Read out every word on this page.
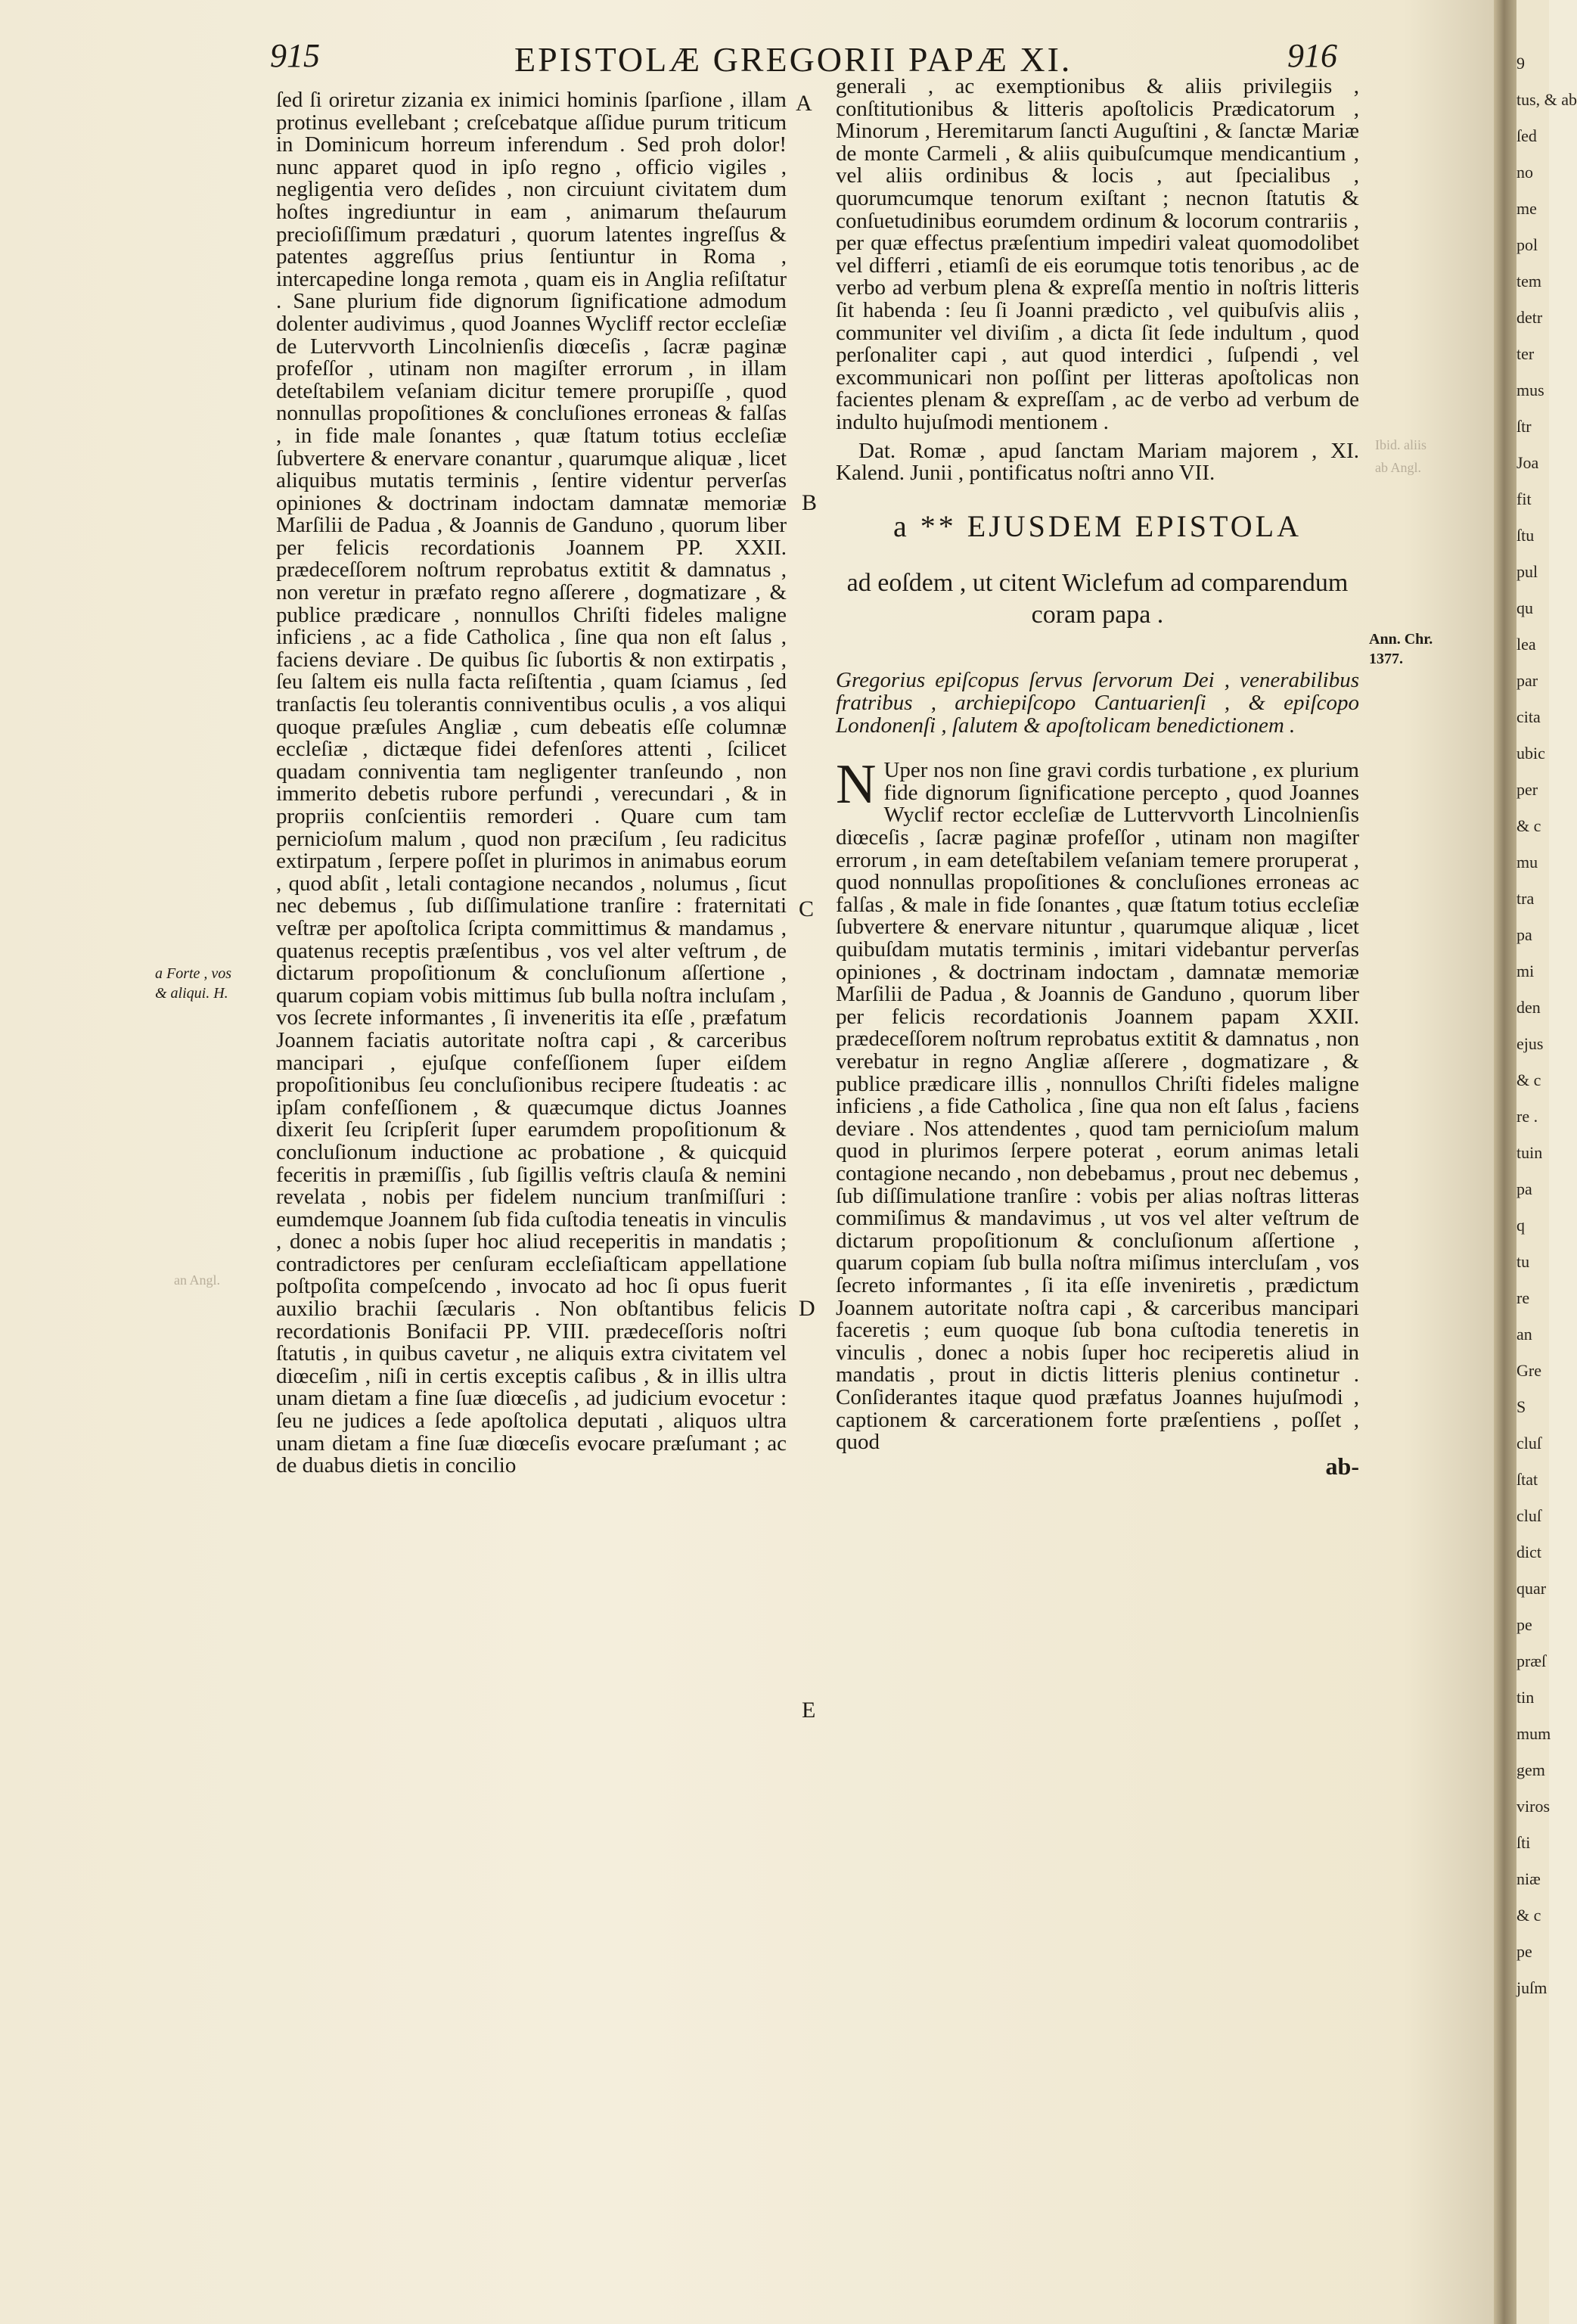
915	EPISTOLÆ GREGORII PAPÆ XI.	916

ſed ſi oriretur zizania ex inimici hominis ſparſione , illam protinus evellebant ; creſcebatque aſſidue purum triticum in Dominicum horreum inferendum . Sed proh dolor! nunc apparet quod in ipſo regno , officio vigiles , negligentia vero deſides , non circuiunt civitatem dum hoſtes ingrediuntur in eam , animarum theſaurum precioſiſſimum prædaturi , quorum latentes ingreſſus & patentes aggreſſus prius ſentiuntur in Roma , intercapedine longa remota , quam eis in Anglia reſiſtatur . Sane plurium fide dignorum ſignificatione admodum dolenter audivimus , quod Joannes Wycliff rector eccleſiæ de Lutervvorth Lincolnienſis diœceſis , ſacræ paginæ profeſſor , utinam non magiſter errorum , in illam deteſtabilem veſaniam dicitur temere prorupiſſe , quod nonnullas propoſitiones & concluſiones erroneas & falſas , in fide male ſonantes , quæ ſtatum totius eccleſiæ ſubvertere & enervare conantur , quarumque aliquæ , licet aliquibus mutatis terminis , ſentire videntur perverſas opiniones & doctrinam indoctam damnatæ memoriæ Marſilii de Padua , & Joannis de Ganduno , quorum liber per felicis recordationis Joannem PP. XXII. prædeceſſorem noſtrum reprobatus extitit & damnatus , non veretur in præfato regno aſſerere , dogmatizare , & publice prædicare , nonnullos Chriſti fideles maligne inficiens , ac a fide Catholica , ſine qua non eſt ſalus , faciens deviare . De quibus ſic ſubortis & non extirpatis , ſeu ſaltem eis nulla facta reſiſtentia , quam ſciamus , ſed tranſactis ſeu tolerantis conniventibus oculis , a vos aliqui quoque præſules Angliæ , cum debeatis eſſe columnæ eccleſiæ , dictæque fidei defenſores attenti , ſcilicet quadam conniventia tam negligenter tranſeundo , non immerito debetis rubore perfundi , verecundari , & in propriis conſcientiis remorderi . Quare cum tam pernicioſum malum , quod non præciſum , ſeu radicitus extirpatum , ſerpere poſſet in plurimos in animabus eorum , quod abſit , letali contagione necandos , nolumus , ſicut nec debemus , ſub diſſimulatione tranſire : fraternitati veſtræ per apoſtolica ſcripta committimus & mandamus , quatenus receptis præſentibus , vos vel alter veſtrum , de dictarum propoſitionum & concluſionum aſſertione , quarum copiam vobis mittimus ſub bulla noſtra incluſam , vos ſecrete informantes , ſi inveneritis ita eſſe , præfatum Joannem faciatis autoritate noſtra capi , & carceribus mancipari , ejuſque confeſſionem ſuper eiſdem propoſitionibus ſeu concluſionibus recipere ſtudeatis : ac ipſam confeſſionem , & quæcumque dictus Joannes dixerit ſeu ſcripſerit ſuper earumdem propoſitionum & concluſionum inductione ac probatione , & quicquid feceritis in præmiſſis , ſub ſigillis veſtris clauſa & nemini revelata , nobis per fidelem nuncium tranſmiſſuri : eumdemque Joannem ſub fida cuſtodia teneatis in vinculis , donec a nobis ſuper hoc aliud receperitis in mandatis ; contradictores per cenſuram eccleſiaſticam appellatione poſtpoſita compeſcendo , invocato ad hoc ſi opus fuerit auxilio brachii ſæcularis . Non obſtantibus felicis recordationis Bonifacii PP. VIII. prædeceſſoris noſtri ſtatutis , in quibus cavetur , ne aliquis extra civitatem vel diœceſim , niſi in certis exceptis caſibus , & in illis ultra unam dietam a fine ſuæ diœceſis , ad judicium evocetur : ſeu ne judices a ſede apoſtolica deputati , aliquos ultra unam dietam a fine ſuæ diœceſis evocare præſumant ; ac de duabus dietis in concilio

A
B
C
D
E
a Forte , vos
& aliqui. H.

generali , ac exemptionibus & aliis privilegiis , conſtitutionibus & litteris apoſtolicis Prædicatorum , Minorum , Heremitarum ſancti Auguſtini , & ſanctæ Mariæ de monte Carmeli , & aliis quibuſcumque mendicantium , vel aliis ordinibus & locis , aut ſpecialibus , quorumcumque tenorum exiſtant ; necnon ſtatutis & conſuetudinibus eorumdem ordinum & locorum contrariis , per quæ effectus præſentium impediri valeat quomodolibet vel differri , etiamſi de eis eorumque totis tenoribus , ac de verbo ad verbum plena & expreſſa mentio in noſtris litteris ſit habenda : ſeu ſi Joanni prædicto , vel quibuſvis aliis , communiter vel diviſim , a dicta ſit ſede indultum , quod perſonaliter capi , aut quod interdici , ſuſpendi , vel excommunicari non poſſint per litteras apoſtolicas non facientes plenam & expreſſam , ac de verbo ad verbum de indulto hujuſmodi mentionem .

Dat. Romæ , apud ſanctam Mariam majorem , XI. Kalend. Junii , pontificatus noſtri anno VII.

a ** EJUSDEM EPISTOLA

ad eoſdem , ut citent Wiclefum ad comparendum coram papa .

Gregorius epiſcopus ſervus ſervorum Dei , venerabilibus fratribus , archiepiſcopo Cantuarienſi , & epiſcopo Londonenſi , ſalutem & apoſtolicam benedictionem .

N Uper nos non ſine gravi cordis turbatione , ex plurium fide dignorum ſignificatione percepto , quod Joannes Wyclif rector eccleſiæ de Luttervvorth Lincolnienſis diœceſis , ſacræ paginæ profeſſor , utinam non magiſter errorum , in eam deteſtabilem veſaniam temere proruperat , quod nonnullas propoſitiones & concluſiones erroneas ac falſas , & male in fide ſonantes , quæ ſtatum totius eccleſiæ ſubvertere & enervare nituntur , quarumque aliquæ , licet quibuſdam mutatis terminis , imitari videbantur perverſas opiniones , & doctrinam indoctam , damnatæ memoriæ Marſilii de Padua , & Joannis de Ganduno , quorum liber per felicis recordationis Joannem papam XXII. prædeceſſorem noſtrum reprobatus extitit & damnatus , non verebatur in regno Angliæ aſſerere , dogmatizare , & publice prædicare illis , nonnullos Chriſti fideles maligne inficiens , a fide Catholica , ſine qua non eſt ſalus , faciens deviare . Nos attendentes , quod tam pernicioſum malum quod in plurimos ſerpere poterat , eorum animas letali contagione necando , non debebamus , prout nec debemus , ſub diſſimulatione tranſire : vobis per alias noſtras litteras commiſimus & mandavimus , ut vos vel alter veſtrum de dictarum propoſitionum & concluſionum aſſertione , quarum copiam ſub bulla noſtra miſimus intercluſam , vos ſecreto informantes , ſi ita eſſe inveniretis , prædictum Joannem autoritate noſtra capi , & carceribus mancipari faceretis ; eum quoque ſub bona cuſtodia teneretis in vinculis , donec a nobis ſuper hoc reciperetis aliud in mandatis , prout in dictis litteris plenius continetur . Conſiderantes itaque quod præfatus Joannes hujuſmodi , captionem & carcerationem forte præſentiens , poſſet , quod

ab-

Ann. Chr.
1377.
Ibid. aliis
ab Angl.
an Angl.
9
tus, & ab
ſed
no
me
pol
tem
detr
ter
mus
ſtr
Joa
fit
ſtu
pul
qu
lea
par
cita
ubic
per
& c
mu
tra
pa
mi
den
ejus
& c
re .
tuin
pa
q
tu
re
an
Gre
S
cluſ
ſtat
cluſ
dict
quar
pe
præſ
tin
mum
gem
viros
ſti
niæ
& c
pe
juſm
